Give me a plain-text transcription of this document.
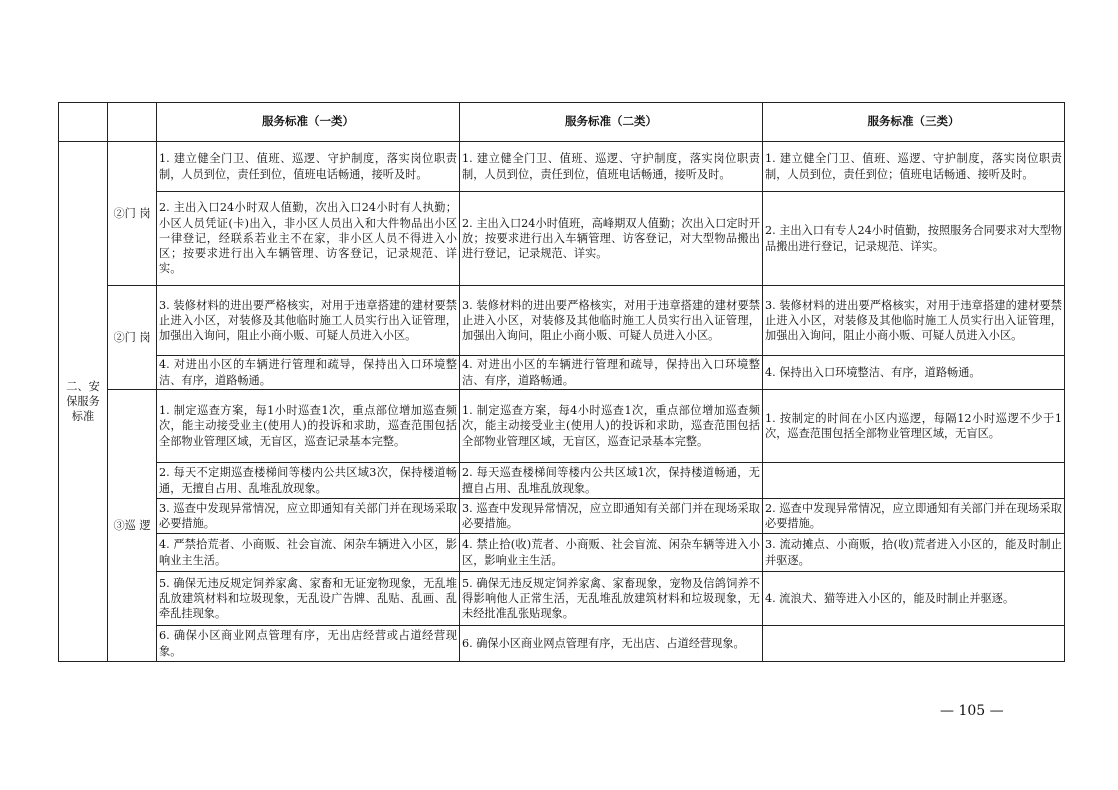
		服务标准（一类）	服务标准（二类）	服务标准（三类）
二、安保服务标准	②门 岗	1. 建立健全门卫、值班、巡逻、守护制度，落实岗位职责制，人员到位，责任到位，值班电话畅通，接听及时。	1. 建立健全门卫、值班、巡逻、守护制度，落实岗位职责制，人员到位，责任到位，值班电话畅通，接听及时。	1. 建立健全门卫、值班、巡逻、守护制度，落实岗位职责制，人员到位，责任到位；值班电话畅通、接听及时。
		2. 主出入口24小时双人值勤，次出入口24小时有人执勤；小区人员凭证(卡)出入，非小区人员出入和大件物品出小区一律登记，经联系若业主不在家，非小区人员不得进入小区；按要求进行出入车辆管理、访客登记，记录规范、详实。	2. 主出入口24小时值班，高峰期双人值勤；次出入口定时开放；按要求进行出入车辆管理、访客登记，对大型物品搬出进行登记，记录规范、详实。	2. 主出入口有专人24小时值勤，按照服务合同要求对大型物品搬出进行登记，记录规范、详实。
	②门 岗	3. 装修材料的进出要严格核实，对用于违章搭建的建材要禁止进入小区，对装修及其他临时施工人员实行出入证管理，加强出入询问，阻止小商小贩、可疑人员进入小区。	3. 装修材料的进出要严格核实，对用于违章搭建的建材要禁止进入小区，对装修及其他临时施工人员实行出入证管理，加强出入询问，阻止小商小贩、可疑人员进入小区。	3. 装修材料的进出要严格核实，对用于违章搭建的建材要禁止进入小区，对装修及其他临时施工人员实行出入证管理，加强出入询问，阻止小商小贩、可疑人员进入小区。
		4. 对进出小区的车辆进行管理和疏导，保持出入口环境整洁、有序，道路畅通。	4. 对进出小区的车辆进行管理和疏导，保持出入口环境整洁、有序，道路畅通。	4. 保持出入口环境整洁、有序，道路畅通。
	③巡 逻	1. 制定巡查方案，每1小时巡查1次，重点部位增加巡查频次，能主动接受业主(使用人)的投诉和求助，巡查范围包括全部物业管理区域，无盲区，巡查记录基本完整。	1. 制定巡查方案，每4小时巡查1次，重点部位增加巡查频次，能主动接受业主(使用人)的投诉和求助，巡查范围包括全部物业管理区域，无盲区，巡查记录基本完整。	1. 按制定的时间在小区内巡逻，每隔12小时巡逻不少于1次，巡查范围包括全部物业管理区域，无盲区。
		2. 每天不定期巡查楼梯间等楼内公共区域3次，保持楼道畅通，无擅自占用、乱堆乱放现象。	2. 每天巡查楼梯间等楼内公共区域1次，保持楼道畅通，无擅自占用、乱堆乱放现象。	
		3. 巡查中发现异常情况，应立即通知有关部门并在现场采取必要措施。	3. 巡查中发现异常情况，应立即通知有关部门并在现场采取必要措施。	2. 巡查中发现异常情况，应立即通知有关部门并在现场采取必要措施。
		4. 严禁拾荒者、小商贩、社会盲流、闲杂车辆进入小区，影响业主生活。	4. 禁止拾(收)荒者、小商贩、社会盲流、闲杂车辆等进入小区，影响业主生活。	3. 流动摊点、小商贩，拾(收)荒者进入小区的，能及时制止并驱逐。
		5. 确保无违反规定饲养家禽、家畜和无证宠物现象，无乱堆乱放建筑材料和垃圾现象，无乱设广告牌、乱贴、乱画、乱牵乱挂现象。	5. 确保无违反规定饲养家禽、家畜现象，宠物及信鸽饲养不得影响他人正常生活，无乱堆乱放建筑材料和垃圾现象，无未经批准乱张贴现象。	4. 流浪犬、猫等进入小区的，能及时制止并驱逐。
		6. 确保小区商业网点管理有序，无出店经营或占道经营现象。	6. 确保小区商业网点管理有序，无出店、占道经营现象。	
— 105 —
